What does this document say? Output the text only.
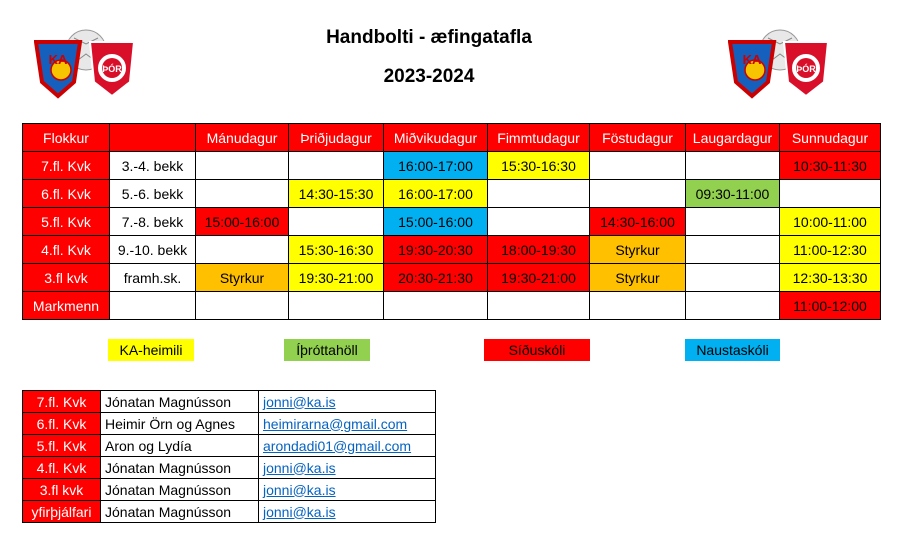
Handbolti - æfingatafla
2023-2024
KA
ÞÓR
KA
ÞÓR
Flokkur		Mánudagur	Þriðjudagur	Miðvikudagur	Fimmtudagur	Föstudagur	Laugardagur	Sunnudagur
7.fl. Kvk	3.-4. bekk			16:00-17:00	15:30-16:30			10:30-11:30
6.fl. Kvk	5.-6. bekk		14:30-15:30	16:00-17:00			09:30-11:00	
5.fl. Kvk	7.-8. bekk	15:00-16:00		15:00-16:00		14:30-16:00		10:00-11:00
4.fl. Kvk	9.-10. bekk		15:30-16:30	19:30-20:30	18:00-19:30	Styrkur		11:00-12:30
3.fl kvk	framh.sk.	Styrkur	19:30-21:00	20:30-21:30	19:30-21:00	Styrkur		12:30-13:30
Markmenn								11:00-12:00
KA-heimili	Íþróttahöll	Síðuskóli	Naustaskóli
7.fl. Kvk	Jónatan Magnússon	jonni@ka.is
6.fl. Kvk	Heimir Örn og Agnes	heimirarna@gmail.com
5.fl. Kvk	Aron og Lydía	arondadi01@gmail.com
4.fl. Kvk	Jónatan Magnússon	jonni@ka.is
3.fl kvk	Jónatan Magnússon	jonni@ka.is
yfirþjálfari	Jónatan Magnússon	jonni@ka.is
